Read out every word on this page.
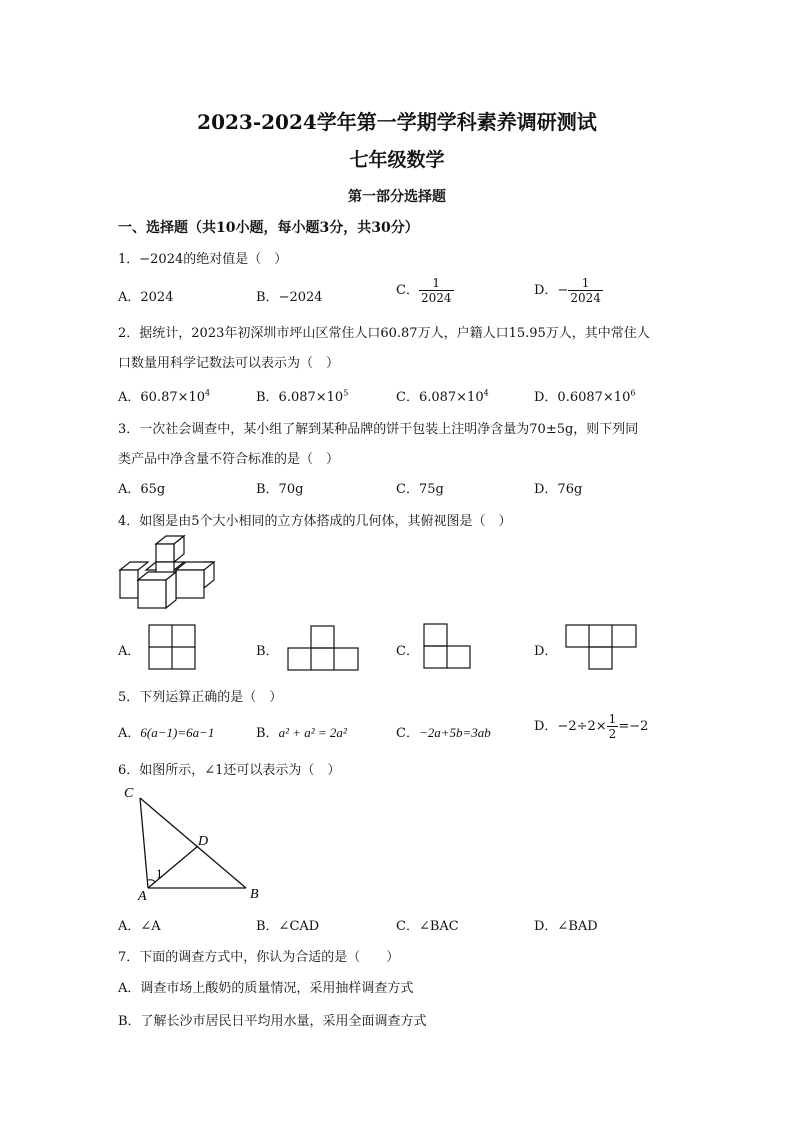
2023-2024学年第一学期学科素养调研测试
七年级数学
第一部分选择题
一、选择题（共10小题，每小题3分，共30分）
1．−2024的绝对值是（　）
A．2024	B．−2024	C． $\frac{1}{2024}$	D．− $\frac{1}{2024}$
2．据统计，2023年初深圳市坪山区常住人口60.87万人，户籍人口15.95万人，其中常住人
口数量用科学记数法可以表示为（　）
A．$60.87\times 10^4$	B．$6.087\times 10^5$	C．$6.087\times 10^4$	D．$0.6087\times 10^6$
3．一次社会调查中，某小组了解到某种品牌的饼干包装上注明净含量为70±5g，则下列同
类产品中净含量不符合标准的是（　）
A．65g	B．70g	C．75g	D．76g
4．如图是由5个大小相同的立方体搭成的几何体，其俯视图是（　）
A．	B．	C．	D．
5．下列运算正确的是（　）
A．6(a−1)=6a−1	B．a² + a² = 2a²	C．−2a+5b=3ab	D．$-2\div 2\times \frac{1}{2} =-2$
6．如图所示，∠1还可以表示为（　）
C
D
A	B
1
A．∠A	B．∠CAD	C．∠BAC	D．∠BAD
7．下面的调查方式中，你认为合适的是（　　）
A．调查市场上酸奶的质量情况，采用抽样调查方式
B．了解长沙市居民日平均用水量，采用全面调查方式
